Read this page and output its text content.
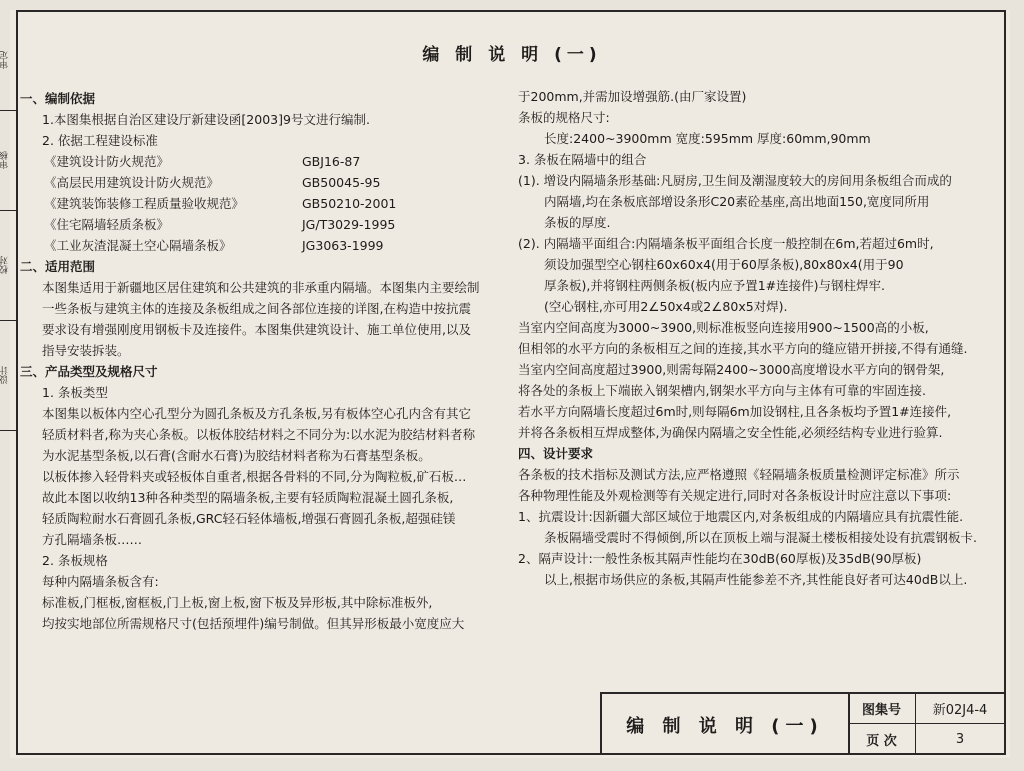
审定
审核
校对
设计
编 制 说 明 (一)
一、编制依据
1.本图集根据自治区建设厅新建设函[2003]9号文进行编制.
2. 依据工程建设标准
《建筑设计防火规范》	GBJ16-87
《高层民用建筑设计防火规范》	GB50045-95
《建筑装饰装修工程质量验收规范》	GB50210-2001
《住宅隔墙轻质条板》	JG/T3029-1995
《工业灰渣混凝土空心隔墙条板》	JG3063-1999
二、适用范围
本图集适用于新疆地区居住建筑和公共建筑的非承重内隔墙。本图集内主要绘制
一些条板与建筑主体的连接及条板组成之间各部位连接的详图,在构造中按抗震
要求设有增强刚度用钢板卡及连接件。本图集供建筑设计、施工单位使用,以及
指导安装拆装。
三、产品类型及规格尺寸
1. 条板类型
本图集以板体内空心孔型分为圆孔条板及方孔条板,另有板体空心孔内含有其它
轻质材料者,称为夹心条板。以板体胶结材料之不同分为:以水泥为胶结材料者称
为水泥基型条板,以石膏(含耐水石膏)为胶结材料者称为石膏基型条板。
以板体掺入轻骨料夹或轻板体自重者,根据各骨料的不同,分为陶粒板,矿石板…
故此本图以收纳13种各种类型的隔墙条板,主要有轻质陶粒混凝土圆孔条板,
轻质陶粒耐水石膏圆孔条板,GRC轻石轻体墙板,增强石膏圆孔条板,超强硅镁
方孔隔墙条板……
2. 条板规格
每种内隔墙条板含有:
标准板,门框板,窗框板,门上板,窗上板,窗下板及异形板,其中除标准板外,
均按实地部位所需规格尺寸(包括预埋件)编号制做。但其异形板最小宽度应大
于200mm,并需加设增强筋.(由厂家设置)
条板的规格尺寸:
长度:2400~3900mm 宽度:595mm 厚度:60mm,90mm
3. 条板在隔墙中的组合
(1). 增设内隔墙条形基础:凡厨房,卫生间及潮湿度较大的房间用条板组合而成的
内隔墙,均在条板底部增设条形C20素砼基座,高出地面150,宽度同所用
条板的厚度.
(2). 内隔墙平面组合:内隔墙条板平面组合长度一般控制在6m,若超过6m时,
须设加强型空心钢柱60x60x4(用于60厚条板),80x80x4(用于90
厚条板),并将钢柱两侧条板(板内应予置1#连接件)与钢柱焊牢.
(空心钢柱,亦可用2∠50x4或2∠80x5对焊).
当室内空间高度为3000~3900,则标准板竖向连接用900~1500高的小板,
但相邻的水平方向的条板相互之间的连接,其水平方向的缝应错开拼接,不得有通缝.
当室内空间高度超过3900,则需每隔2400~3000高度增设水平方向的钢骨架,
将各处的条板上下端嵌入钢架槽内,钢架水平方向与主体有可靠的牢固连接.
若水平方向隔墙长度超过6m时,则每隔6m加设钢柱,且各条板均予置1#连接件,
并将各条板相互焊成整体,为确保内隔墙之安全性能,必须经结构专业进行验算.
四、设计要求
各条板的技术指标及测试方法,应严格遵照《轻隔墙条板质量检测评定标准》所示
各种物理性能及外观检测等有关规定进行,同时对各条板设计时应注意以下事项:
1、抗震设计:因新疆大部区域位于地震区内,对条板组成的内隔墙应具有抗震性能.
条板隔墙受震时不得倾倒,所以在顶板上端与混凝土楼板相接处设有抗震钢板卡.
2、隔声设计:一般性条板其隔声性能均在30dB(60厚板)及35dB(90厚板)
以上,根据市场供应的条板,其隔声性能参差不齐,其性能良好者可达40dB以上.
编 制 说 明 (一)
图集号	新02J4-4
页 次	3
